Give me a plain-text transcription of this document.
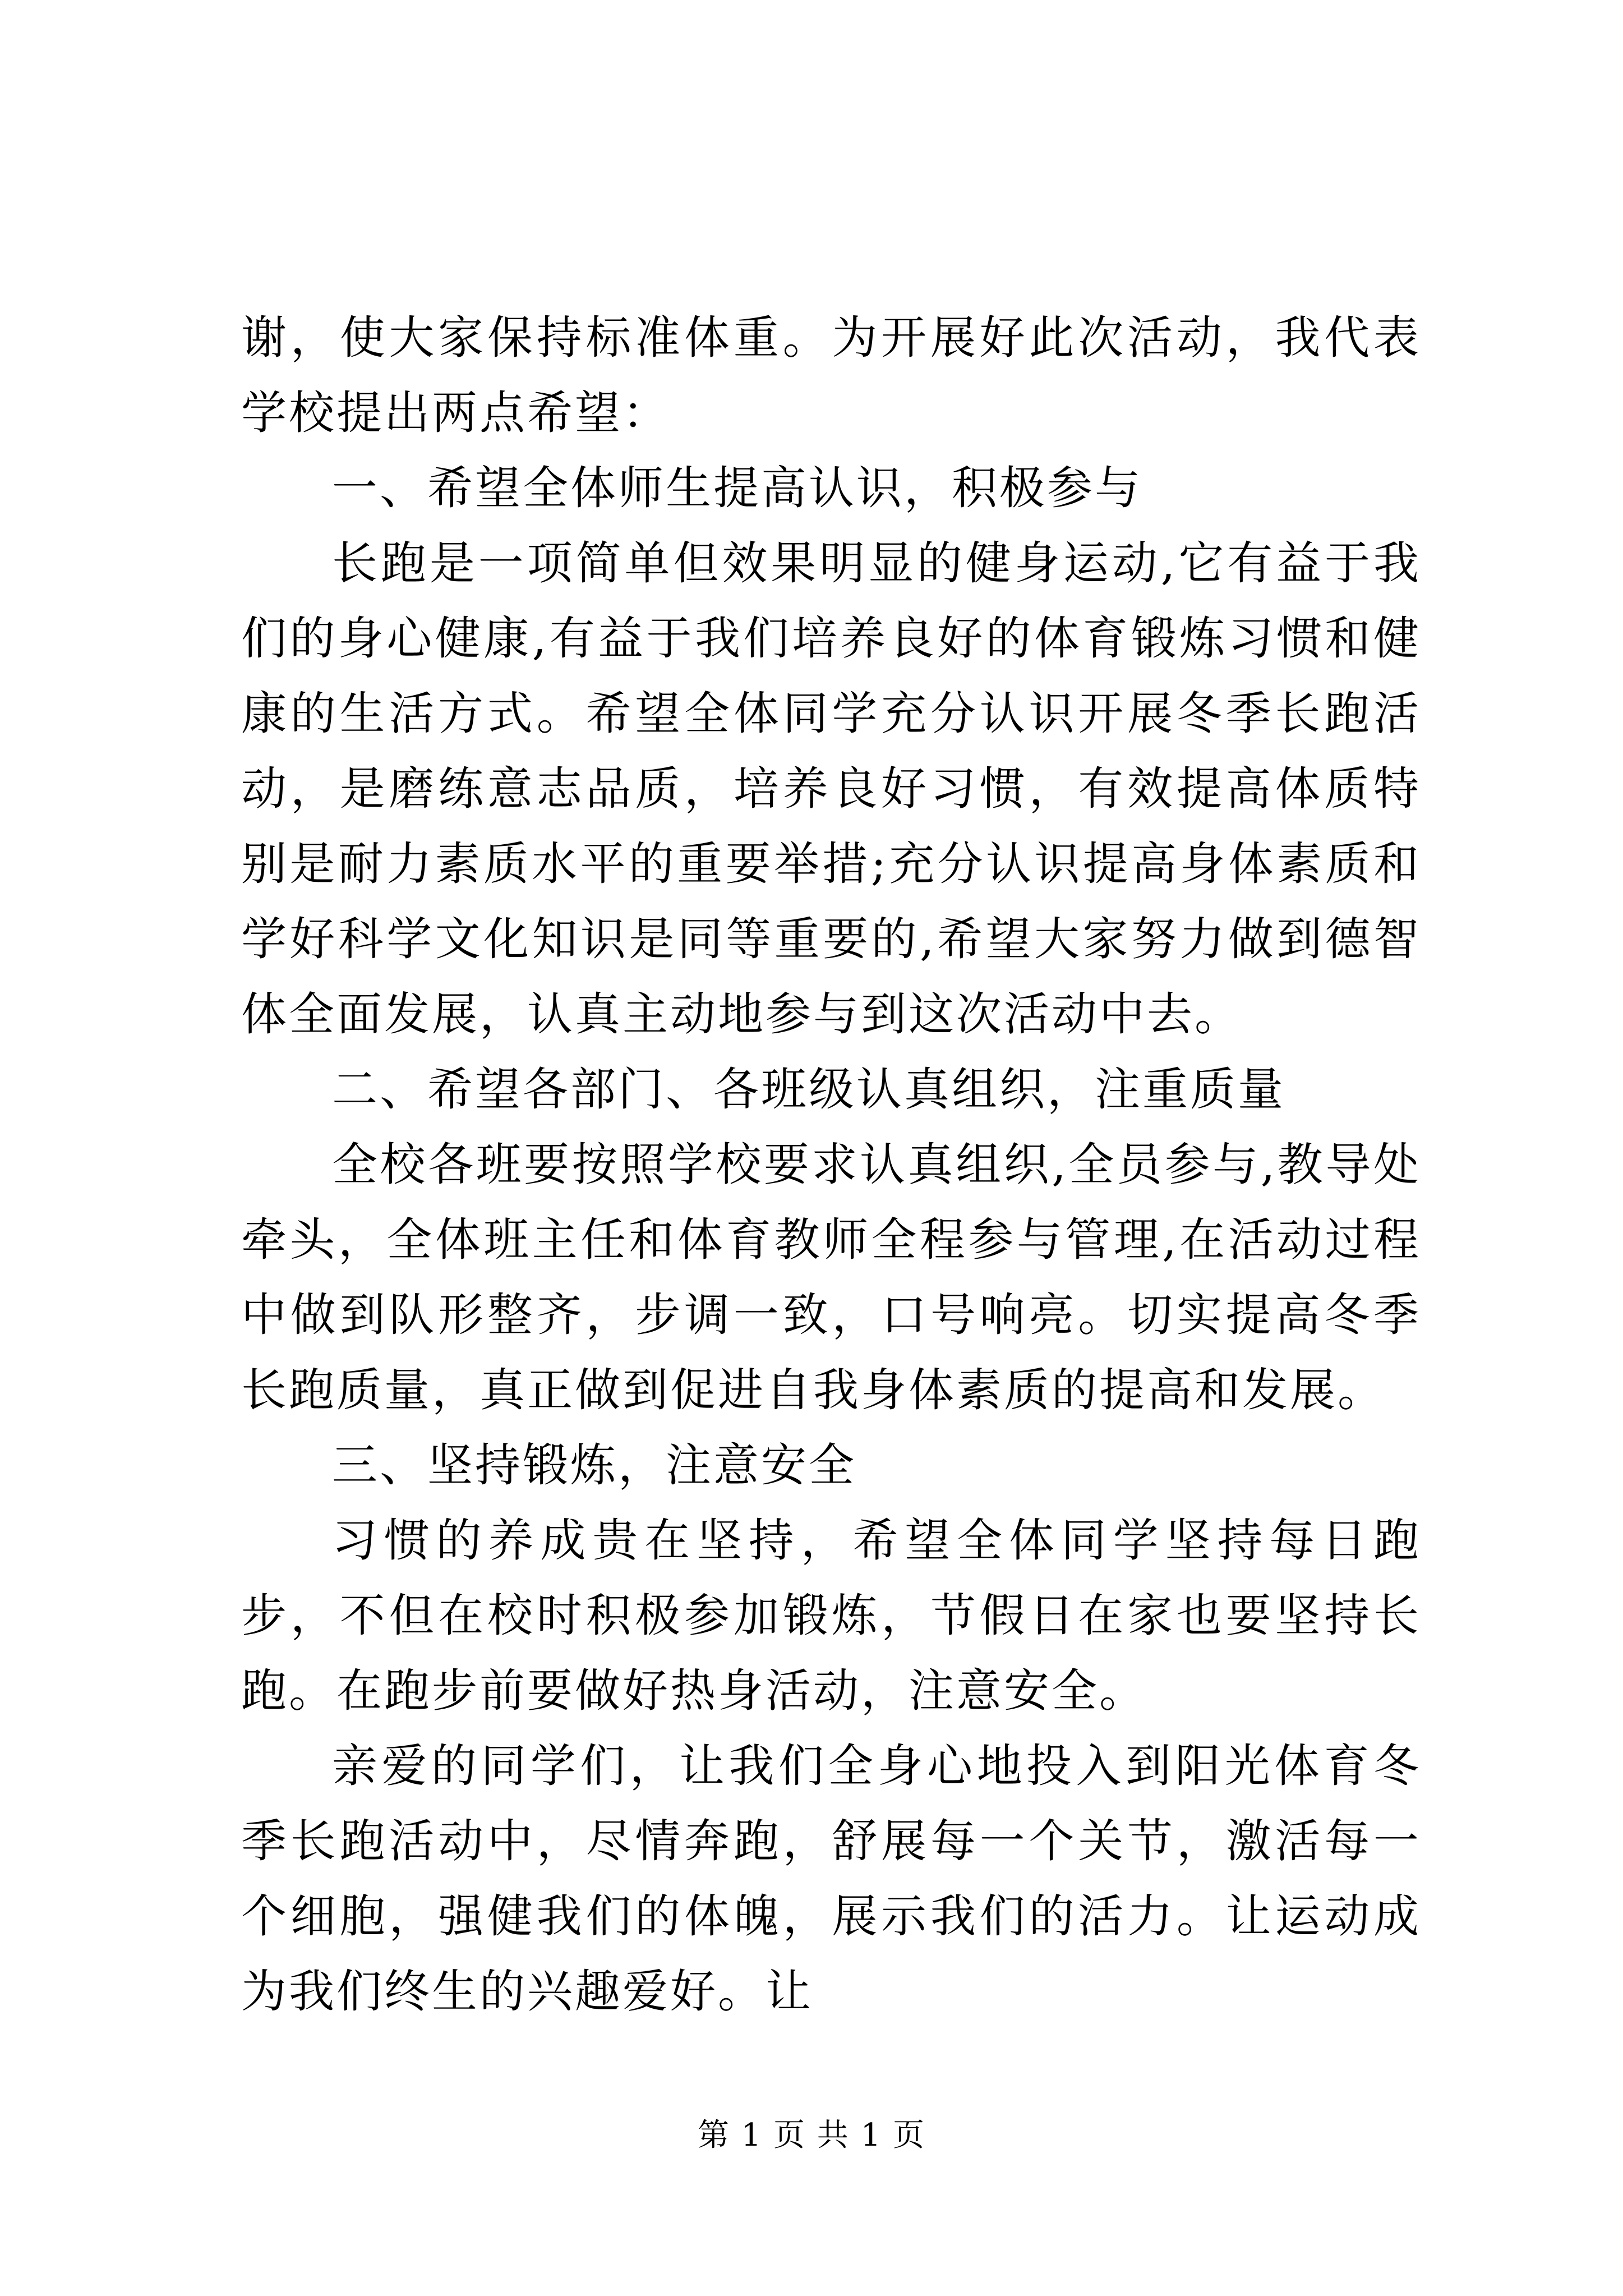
谢，使大家保持标准体重。为开展好此次活动，我代表学校提出两点希望：

一、希望全体师生提高认识，积极参与

长跑是一项简单但效果明显的健身运动,它有益于我们的身心健康,有益于我们培养良好的体育锻炼习惯和健康的生活方式。希望全体同学充分认识开展冬季长跑活动，是磨练意志品质，培养良好习惯，有效提高体质特别是耐力素质水平的重要举措;充分认识提高身体素质和学好科学文化知识是同等重要的,希望大家努力做到德智体全面发展，认真主动地参与到这次活动中去。

二、希望各部门、各班级认真组织，注重质量

全校各班要按照学校要求认真组织,全员参与,教导处牵头，全体班主任和体育教师全程参与管理,在活动过程中做到队形整齐，步调一致，口号响亮。切实提高冬季长跑质量，真正做到促进自我身体素质的提高和发展。

三、坚持锻炼，注意安全

习惯的养成贵在坚持，希望全体同学坚持每日跑步，不但在校时积极参加锻炼，节假日在家也要坚持长跑。在跑步前要做好热身活动，注意安全。

亲爱的同学们，让我们全身心地投入到阳光体育冬季长跑活动中，尽情奔跑，舒展每一个关节，激活每一个细胞，强健我们的体魄，展示我们的活力。让运动成为我们终生的兴趣爱好。让

第 1 页 共 1 页
